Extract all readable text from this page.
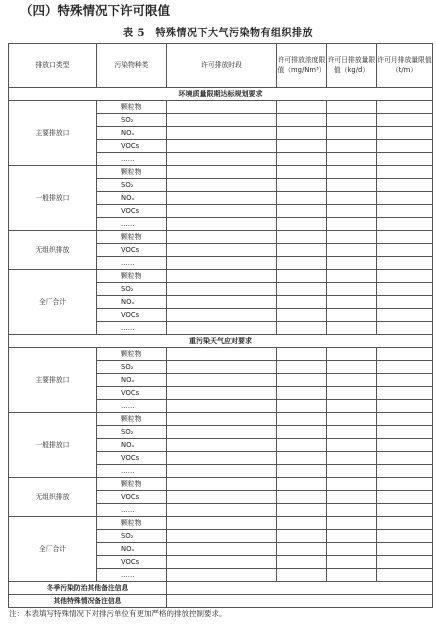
（四）特殊情况下许可限值
表 5　特殊情况下大气污染物有组织排放
排放口类型	污染物种类	许可排放时段	许可排放浓度限值（mg/Nm³）	许可日排放量限值（kg/d）	许可月排放量限值（t/m）
环境质量限期达标规划要求					
主要排放口	颗粒物				
	SO₂				
	NOₓ				
	VOCs				
	……				
一般排放口	颗粒物				
	SO₂				
	NOₓ				
	VOCs				
	……				
无组织排放	颗粒物				
	VOCs				
	……				
全厂合计	颗粒物				
	SO₂				
	NOₓ				
	VOCs				
	……				
重污染天气应对要求					
主要排放口	颗粒物				
	SO₂				
	NOₓ				
	VOCs				
	……				
一般排放口	颗粒物				
	SO₂				
	NOₓ				
	VOCs				
	……				
无组织排放	颗粒物				
	VOCs				
	……				
全厂合计	颗粒物				
	SO₂				
	NOₓ				
	VOCs				
	……				
冬季污染防治其他备注信息					
其他特殊情况备注信息					
注：本表填写特殊情况下对排污单位有更加严格的排放控制要求。
